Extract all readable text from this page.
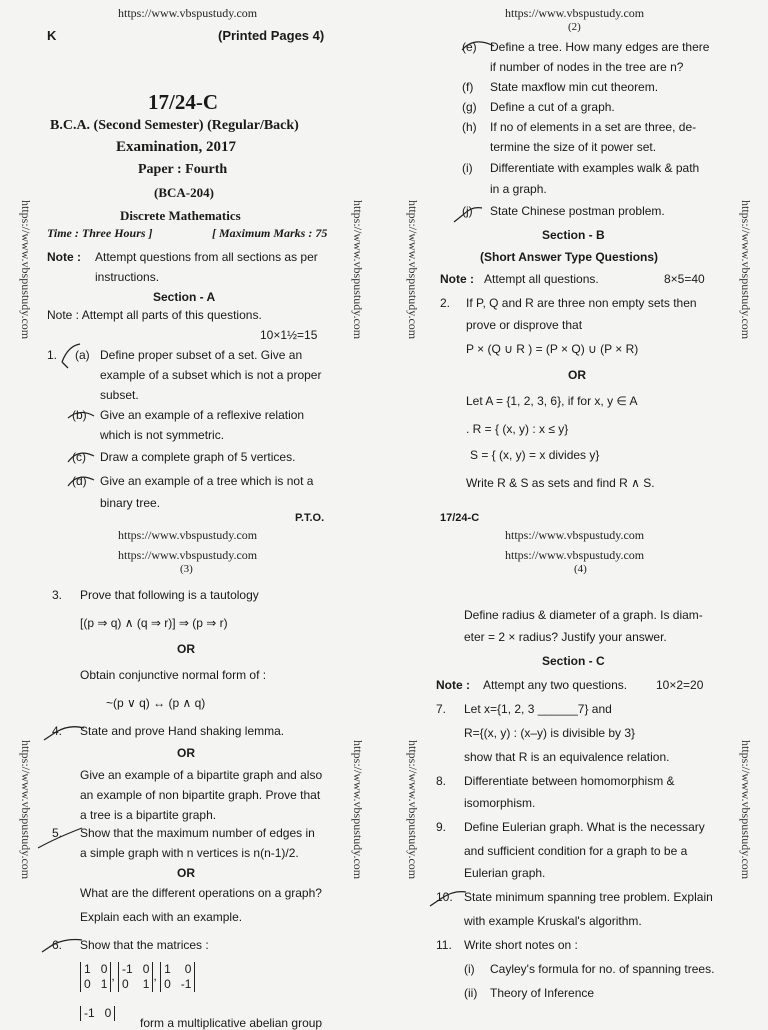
https://www.vbspustudy.com
K	(Printed Pages 4)
17/24-C
B.C.A. (Second Semester) (Regular/Back)
Examination, 2017
Paper : Fourth
(BCA-204)
Discrete Mathematics
Time : Three Hours ]	[ Maximum Marks : 75
Note : Attempt questions from all sections as per
instructions.
Section - A
Note : Attempt all parts of this questions.
10×1½=15
1. (a) Define proper subset of a set. Give an
example of a subset which is not a proper
subset.
(b) Give an example of a reflexive relation
which is not symmetric.
(c) Draw a complete graph of 5 vertices.
(d) Give an example of a tree which is not a
binary tree.
P.T.O.
https://www.vbspustudy.com	https://www.vbspustudy.com
https://www.vbspustudy.com
(2)
(e) Define a tree. How many edges are there
if number of nodes in the tree are n?
(f) State maxflow min cut theorem.
(g) Define a cut of a graph.
(h) If no of elements in a set are three, de-
termine the size of it power set.
(i) Differentiate with examples walk & path
in a graph.
(j) State Chinese postman problem.
Section - B
(Short Answer Type Questions)
Note : Attempt all questions.	8×5=40
2. If P, Q and R are three non empty sets then
prove or disprove that
P × (Q ∪ R ) = (P × Q) ∪ (P × R)
OR
Let A = {1, 2, 3, 6}, if for x, y ∈ A
. R = { (x, y) : x ≤ y}
S = { (x, y) = x divides y}
Write R & S as sets and find R ∧ S.
17/24-C
https://www.vbspustudy.com	https://www.vbspustudy.com
https://www.vbspustudy.com
https://www.vbspustudy.com
(3)
3. Prove that following is a tautology
[(p ⇒ q) ∧ (q ⇒ r)] ⇒ (p ⇒ r)
OR
Obtain conjunctive normal form of :
~(p ∨ q) ↔ (p ∧ q)
4. State and prove Hand shaking lemma.
OR
Give an example of a bipartite graph and also
an example of non bipartite graph. Prove that
a tree is a bipartite graph.
5. Show that the maximum number of edges in
a simple graph with n vertices is n(n-1)/2.
OR
What are the different operations on a graph?
Explain each with an example.
6. Show that the matrices :
1 0
0 1
,
-1 0
0 1
,
1 0
0 -1
-1 0
form a multiplicative abelian group
https://www.vbspustudy.com	https://www.vbspustudy.com
https://www.vbspustudy.com
https://www.vbspustudy.com
(4)
Define radius & diameter of a graph. Is diam-
eter = 2 × radius? Justify your answer.
Section - C
Note : Attempt any two questions. 10×2=20
7. Let x={1, 2, 3 ______7} and
R={(x, y) : (x–y) is divisible by 3}
show that R is an equivalence relation.
8. Differentiate between homomorphism &
isomorphism.
9. Define Eulerian graph. What is the necessary
and sufficient condition for a graph to be a
Eulerian graph.
10. State minimum spanning tree problem. Explain
with example Kruskal's algorithm.
11. Write short notes on :
(i) Cayley's formula for no. of spanning trees.
(ii) Theory of Inference
https://www.vbspustudy.com	https://www.vbspustudy.com
